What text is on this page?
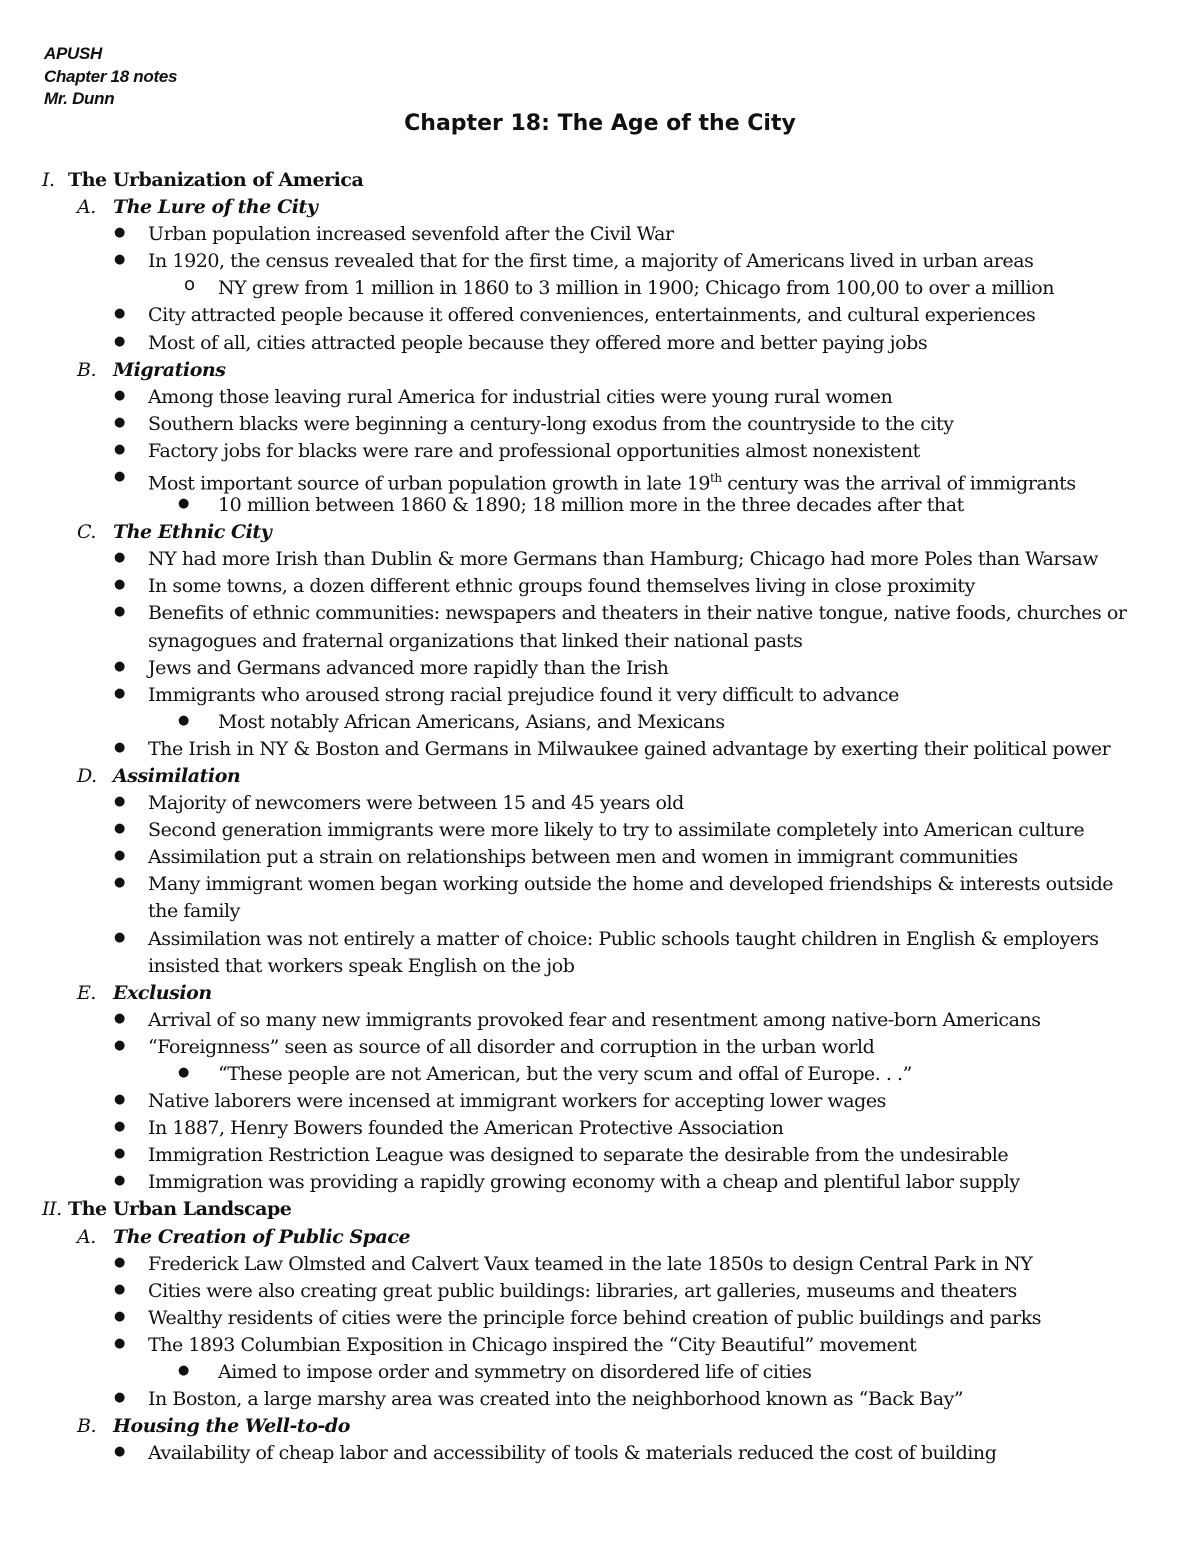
APUSH
Chapter 18 notes
Mr. Dunn
Chapter 18: The Age of the City
I. The Urbanization of America
A. The Lure of the City
● Urban population increased sevenfold after the Civil War
● In 1920, the census revealed that for the first time, a majority of Americans lived in urban areas
o NY grew from 1 million in 1860 to 3 million in 1900; Chicago from 100,00 to over a million
● City attracted people because it offered conveniences, entertainments, and cultural experiences
● Most of all, cities attracted people because they offered more and better paying jobs
B. Migrations
● Among those leaving rural America for industrial cities were young rural women
● Southern blacks were beginning a century-long exodus from the countryside to the city
● Factory jobs for blacks were rare and professional opportunities almost nonexistent
● Most important source of urban population growth in late 19th century was the arrival of immigrants
● 10 million between 1860 & 1890; 18 million more in the three decades after that
C. The Ethnic City
● NY had more Irish than Dublin & more Germans than Hamburg; Chicago had more Poles than Warsaw
● In some towns, a dozen different ethnic groups found themselves living in close proximity
● Benefits of ethnic communities: newspapers and theaters in their native tongue, native foods, churches or
synagogues and fraternal organizations that linked their national pasts
● Jews and Germans advanced more rapidly than the Irish
● Immigrants who aroused strong racial prejudice found it very difficult to advance
● Most notably African Americans, Asians, and Mexicans
● The Irish in NY & Boston and Germans in Milwaukee gained advantage by exerting their political power
D. Assimilation
● Majority of newcomers were between 15 and 45 years old
● Second generation immigrants were more likely to try to assimilate completely into American culture
● Assimilation put a strain on relationships between men and women in immigrant communities
● Many immigrant women began working outside the home and developed friendships & interests outside
the family
● Assimilation was not entirely a matter of choice: Public schools taught children in English & employers
insisted that workers speak English on the job
E. Exclusion
● Arrival of so many new immigrants provoked fear and resentment among native-born Americans
● “Foreignness” seen as source of all disorder and corruption in the urban world
● “These people are not American, but the very scum and offal of Europe. . .”
● Native laborers were incensed at immigrant workers for accepting lower wages
● In 1887, Henry Bowers founded the American Protective Association
● Immigration Restriction League was designed to separate the desirable from the undesirable
● Immigration was providing a rapidly growing economy with a cheap and plentiful labor supply
II. The Urban Landscape
A. The Creation of Public Space
● Frederick Law Olmsted and Calvert Vaux teamed in the late 1850s to design Central Park in NY
● Cities were also creating great public buildings: libraries, art galleries, museums and theaters
● Wealthy residents of cities were the principle force behind creation of public buildings and parks
● The 1893 Columbian Exposition in Chicago inspired the “City Beautiful” movement
● Aimed to impose order and symmetry on disordered life of cities
● In Boston, a large marshy area was created into the neighborhood known as “Back Bay”
B. Housing the Well-to-do
● Availability of cheap labor and accessibility of tools & materials reduced the cost of building
